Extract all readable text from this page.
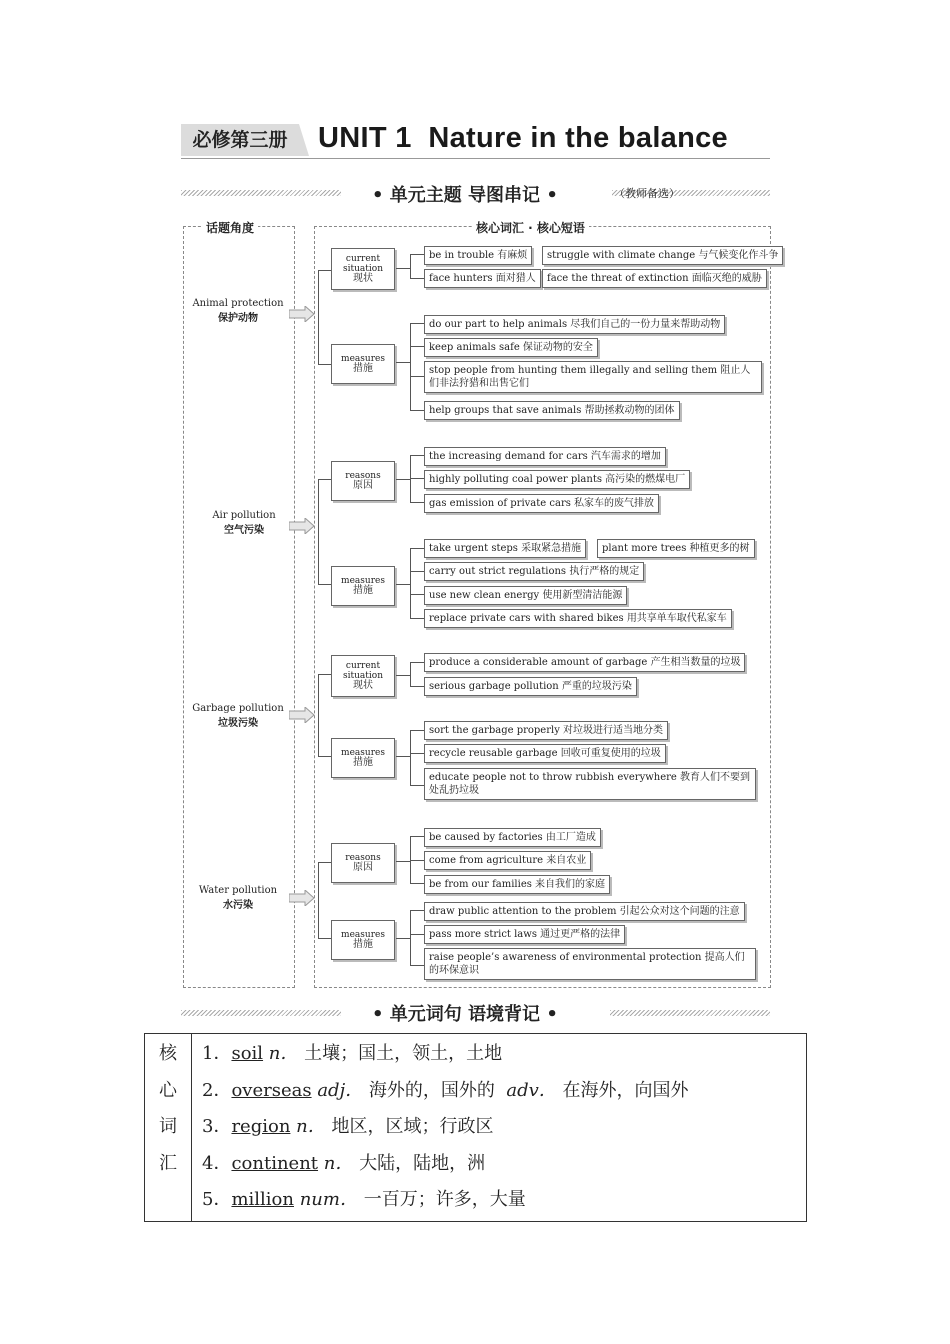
必修第三册	UNIT 1 Nature in the balance
• 单元主题 导图串记 •	（教师备选）
话题角度	核心词汇 · 核心短语
Animal protection
保护动物
current situation
现状
be in trouble 有麻烦	struggle with climate change 与气候变化作斗争
face hunters 面对猎人	face the threat of extinction 面临灭绝的威胁
measures
措施
do our part to help animals 尽我们自己的一份力量来帮助动物
keep animals safe 保证动物的安全
stop people from hunting them illegally and selling them 阻止人们非法狩猎和出售它们
help groups that save animals 帮助拯救动物的团体
Air pollution
空气污染
reasons
原因
the increasing demand for cars 汽车需求的增加
highly polluting coal power plants 高污染的燃煤电厂
gas emission of private cars 私家车的废气排放
measures
措施
take urgent steps 采取紧急措施	plant more trees 种植更多的树
carry out strict regulations 执行严格的规定
use new clean energy 使用新型清洁能源
replace private cars with shared bikes 用共享单车取代私家车
Garbage pollution
垃圾污染
current situation
现状
produce a considerable amount of garbage 产生相当数量的垃圾
serious garbage pollution 严重的垃圾污染
measures
措施
sort the garbage properly 对垃圾进行适当地分类
recycle reusable garbage 回收可重复使用的垃圾
educate people not to throw rubbish everywhere 教育人们不要到处乱扔垃圾
Water pollution
水污染
reasons
原因
be caused by factories 由工厂造成
come from agriculture 来自农业
be from our families 来自我们的家庭
measures
措施
draw public attention to the problem 引起公众对这个问题的注意
pass more strict laws 通过更严格的法律
raise people’s awareness of environmental protection 提高人们的环保意识
• 单元词句 语境背记 •
核
心
词
汇

1．soil n． 土壤；国土，领土，土地
2．overseas adj． 海外的，国外的 adv． 在海外，向国外
3．region n． 地区，区域；行政区
4．continent n． 大陆，陆地，洲
5．million num． 一百万；许多，大量
